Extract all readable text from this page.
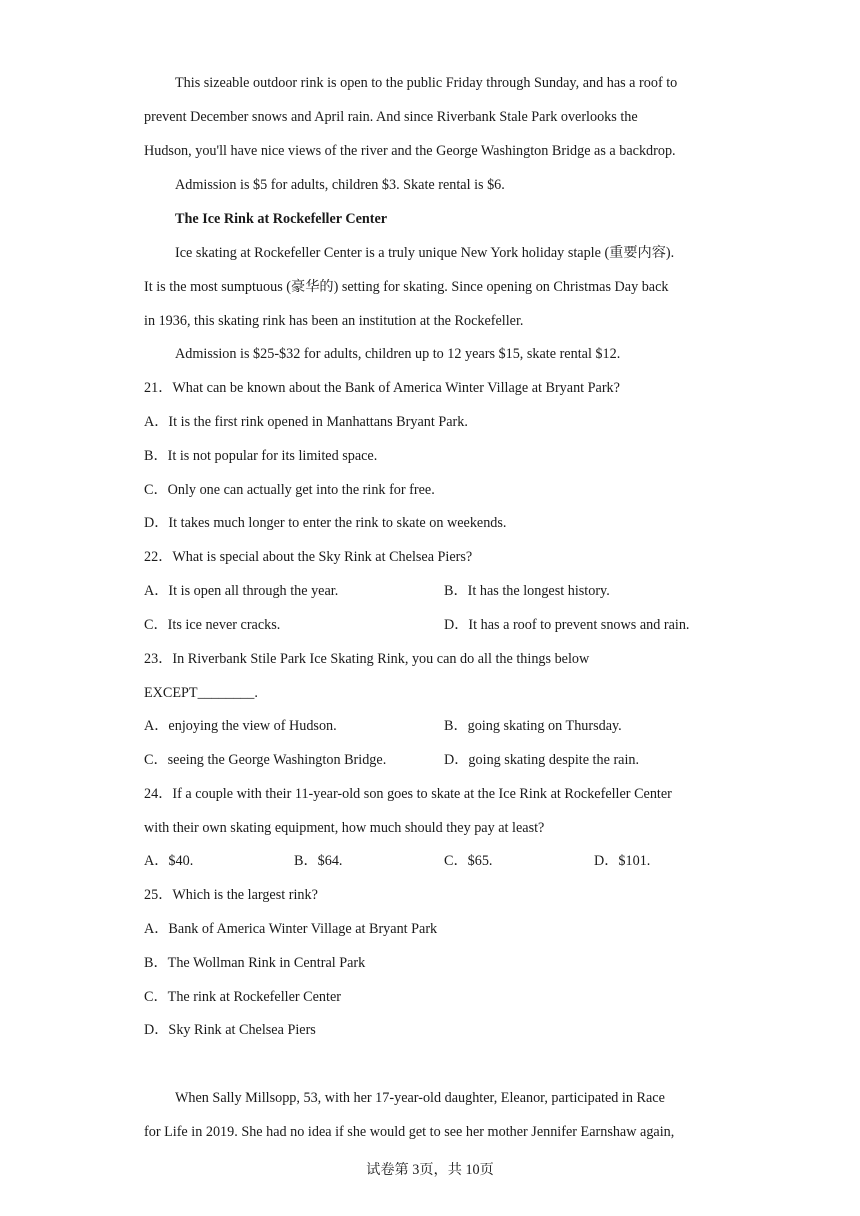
This sizeable outdoor rink is open to the public Friday through Sunday, and has a roof to
prevent December snows and April rain. And since Riverbank Stale Park overlooks the
Hudson, you'll have nice views of the river and the George Washington Bridge as a backdrop.
Admission is $5 for adults, children $3. Skate rental is $6.
The Ice Rink at Rockefeller Center
Ice skating at Rockefeller Center is a truly unique New York holiday staple (重要内容).
It is the most sumptuous (豪华的) setting for skating. Since opening on Christmas Day back
in 1936, this skating rink has been an institution at the Rockefeller.
Admission is $25-$32 for adults, children up to 12 years $15, skate rental $12.
21．What can be known about the Bank of America Winter Village at Bryant Park?
A．It is the first rink opened in Manhattans Bryant Park.
B．It is not popular for its limited space.
C．Only one can actually get into the rink for free.
D．It takes much longer to enter the rink to skate on weekends.
22．What is special about the Sky Rink at Chelsea Piers?
A．It is open all through the year.	B．It has the longest history.
C．Its ice never cracks.	D．It has a roof to prevent snows and rain.
23．In Riverbank Stile Park Ice Skating Rink, you can do all the things below
EXCEPT________.
A．enjoying the view of Hudson.	B．going skating on Thursday.
C．seeing the George Washington Bridge.	D．going skating despite the rain.
24．If a couple with their 11-year-old son goes to skate at the Ice Rink at Rockefeller Center
with their own skating equipment, how much should they pay at least?
A．$40.	B．$64.	C．$65.	D．$101.
25．Which is the largest rink?
A．Bank of America Winter Village at Bryant Park
B．The Wollman Rink in Central Park
C．The rink at Rockefeller Center
D．Sky Rink at Chelsea Piers
When Sally Millsopp, 53, with her 17-year-old daughter, Eleanor, participated in Race
for Life in 2019. She had no idea if she would get to see her mother Jennifer Earnshaw again,
试卷第 3页，共 10页
